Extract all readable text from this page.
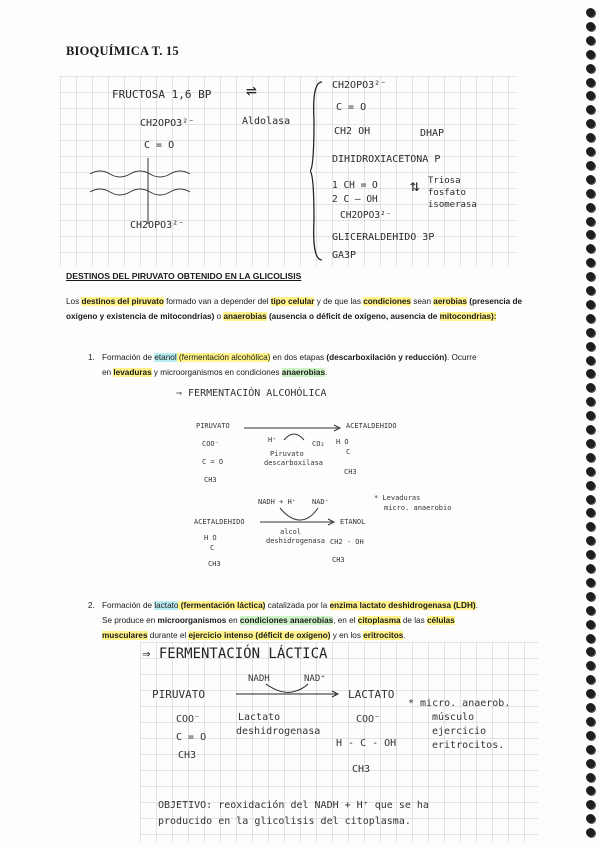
BIOQUÍMICA T. 15
FRUCTOSA 1,6 BP ⇌
Aldolasa
CH2OPO3²⁻
C = O
CH2OPO3²⁻
CH2OPO3²⁻
C = O
CH2 OH	DHAP
DIHIDROXIACETONA P
1 CH = O
2 C – OH
CH2OPO3²⁻
⇅ Triosa
fosfato
isomerasa
GLICERALDEHIDO 3P
GA3P
DESTINOS DEL PIRUVATO OBTENIDO EN LA GLICOLISIS
Los destinos del piruvato formado van a depender del tipo celular y de que las condiciones sean aerobias (presencia de oxígeno y existencia de mitocondrias) o anaerobias (ausencia o déficit de oxígeno, ausencia de mitocondrias):
1. Formación de etanol (fermentación alcohólica) en dos etapas (descarboxilación y reducción). Ocurre
en levaduras y microorganismos en condiciones anaerobias.
⇒ FERMENTACIÓN ALCOHÓLICA
PIRUVATO	ACETALDEHIDO
H⁺	CO₂
Piruvato
descarboxilasa
COO⁻
C = O
CH3
H O
C
CH3
NADH + H⁺ NAD⁺	* Levaduras
micro. anaerobio
ACETALDEHIDO	ETANOL
alcol
deshidrogenasa
H O
C
CH3
CH2 - OH
CH3
2. Formación de lactato (fermentación láctica) catalizada por la enzima lactato deshidrogenasa (LDH).
Se produce en microorganismos en condiciones anaerobias, en el citoplasma de las células
musculares durante el ejercicio intenso (déficit de oxígeno) y en los eritrocitos.
⇒ FERMENTACIÓN LÁCTICA
NADH	NAD⁺
PIRUVATO	LACTATO
COO⁻
C = O
CH3
Lactato
deshidrogenasa
COO⁻
H - C - OH
CH3
* micro. anaerob.
músculo
ejercicio
eritrocitos.
OBJETIVO: reoxidación del NADH + H⁺ que se ha
producido en la glicolisis del citoplasma.
